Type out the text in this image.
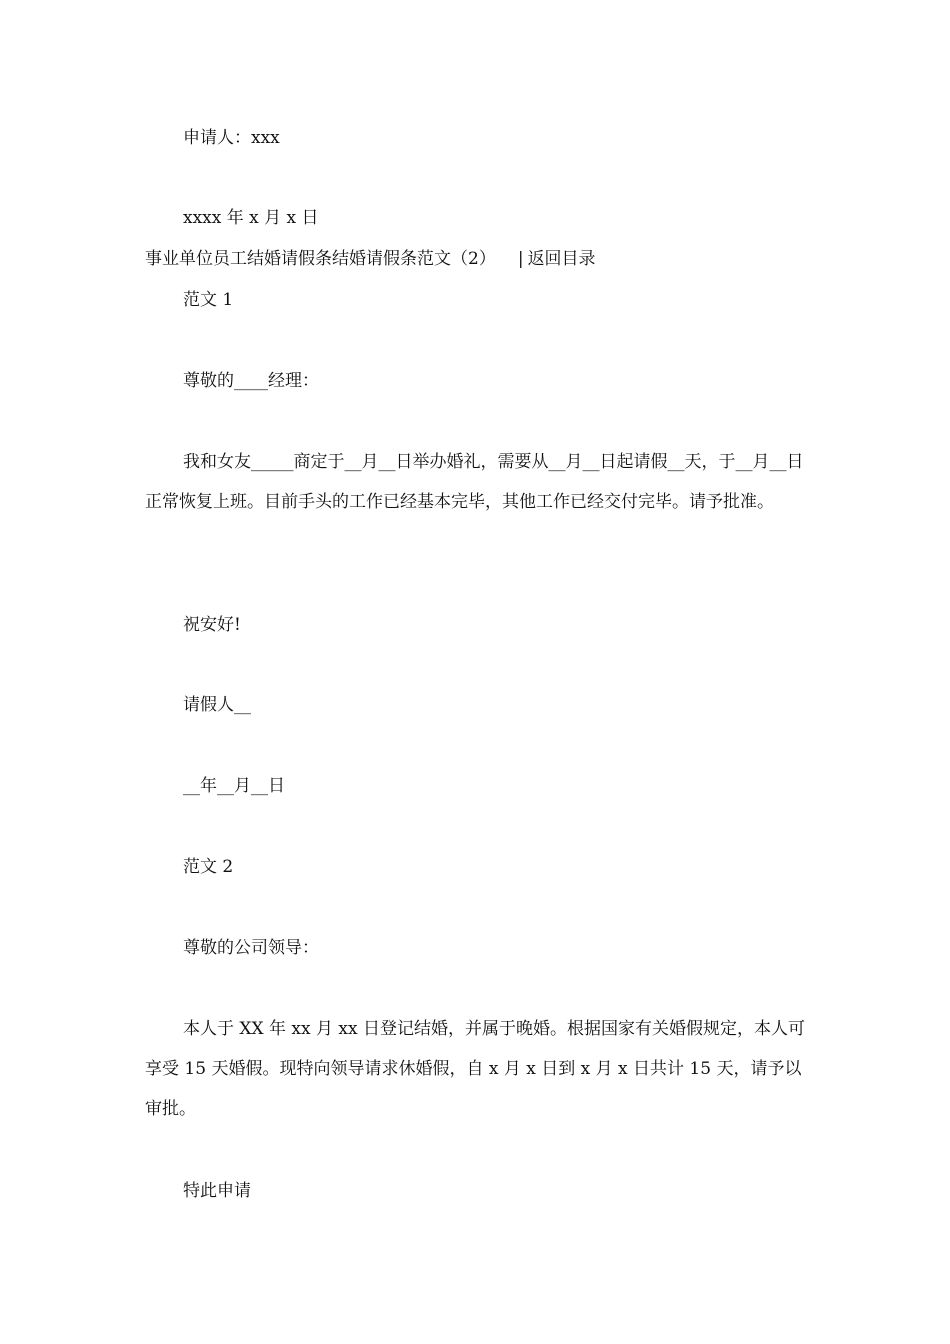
申请人：xxx

xxxx 年 x 月 x 日

事业单位员工结婚请假条结婚请假条范文（2） | 返回目录

范文 1

尊敬的____经理：

我和女友_____商定于__月__日举办婚礼，需要从__月__日起请假__天，于__月__日正常恢复上班。目前手头的工作已经基本完毕，其他工作已经交付完毕。请予批准。

祝安好!

请假人__

__年__月__日

范文 2

尊敬的公司领导：

本人于 XX 年 xx 月 xx 日登记结婚，并属于晚婚。根据国家有关婚假规定，本人可享受 15 天婚假。现特向领导请求休婚假，自 x 月 x 日到 x 月 x 日共计 15 天，请予以审批。

特此申请
